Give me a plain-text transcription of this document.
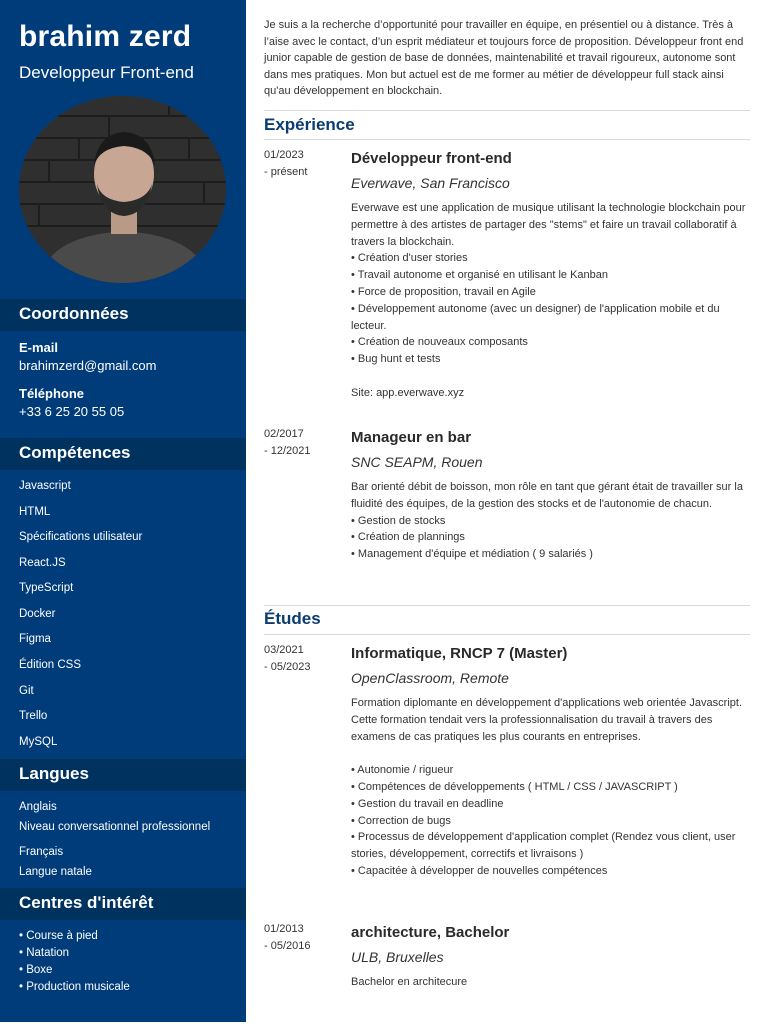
brahim zerd
Developpeur Front-end
Coordonnées
E-mail
brahimzerd@gmail.com
Téléphone
+33 6 25 20 55 05
Compétences
Javascript
HTML
Spécifications utilisateur
React.JS
TypeScript
Docker
Figma
Édition CSS
Git
Trello
MySQL
Langues
Anglais
Niveau conversationnel professionnel
Français
Langue natale
Centres d'intérêt
• Course à pied
• Natation
• Boxe
• Production musicale
Je suis a la recherche d’opportunité pour travailler en équipe, en présentiel ou à distance. Très à l’aise avec le contact, d’un esprit médiateur et toujours force de proposition. Développeur front end junior capable de gestion de base de données, maintenabilité et travail rigoureux, autonome sont dans mes pratiques. Mon but actuel est de me former au métier de développeur full stack ainsi qu'au développement en blockchain.
Expérience
01/2023
- présent
Développeur front-end
Everwave, San Francisco
Everwave est une application de musique utilisant la technologie blockchain pour permettre à des artistes de partager des "stems" et faire un travail collaboratif à travers la blockchain.
• Création d'user stories
• Travail autonome et organisé en utilisant le Kanban
• Force de proposition, travail en Agile
• Développement autonome (avec un designer) de l'application mobile et du lecteur.
• Création de nouveaux composants
• Bug hunt et tests

Site: app.everwave.xyz
02/2017
- 12/2021
Manageur en bar
SNC SEAPM, Rouen
Bar orienté débit de boisson, mon rôle en tant que gérant était de travailler sur la fluidité des équipes, de la gestion des stocks et de l'autonomie de chacun.
• Gestion de stocks
• Création de plannings
• Management d'équipe et médiation ( 9 salariés )
Études
03/2021
- 05/2023
Informatique, RNCP 7 (Master)
OpenClassroom, Remote
Formation diplomante en développement d'applications web orientée Javascript.
Cette formation tendait vers la professionnalisation du travail à travers des examens de cas pratiques les plus courants en entreprises.

• Autonomie / rigueur
• Compétences de développements ( HTML / CSS / JAVASCRIPT )
• Gestion du travail en deadline
• Correction de bugs
• Processus de développement d'application complet (Rendez vous client, user stories, développement, correctifs et livraisons )
• Capacitée à développer de nouvelles compétences
01/2013
- 05/2016
architecture, Bachelor
ULB, Bruxelles
Bachelor en architecure
